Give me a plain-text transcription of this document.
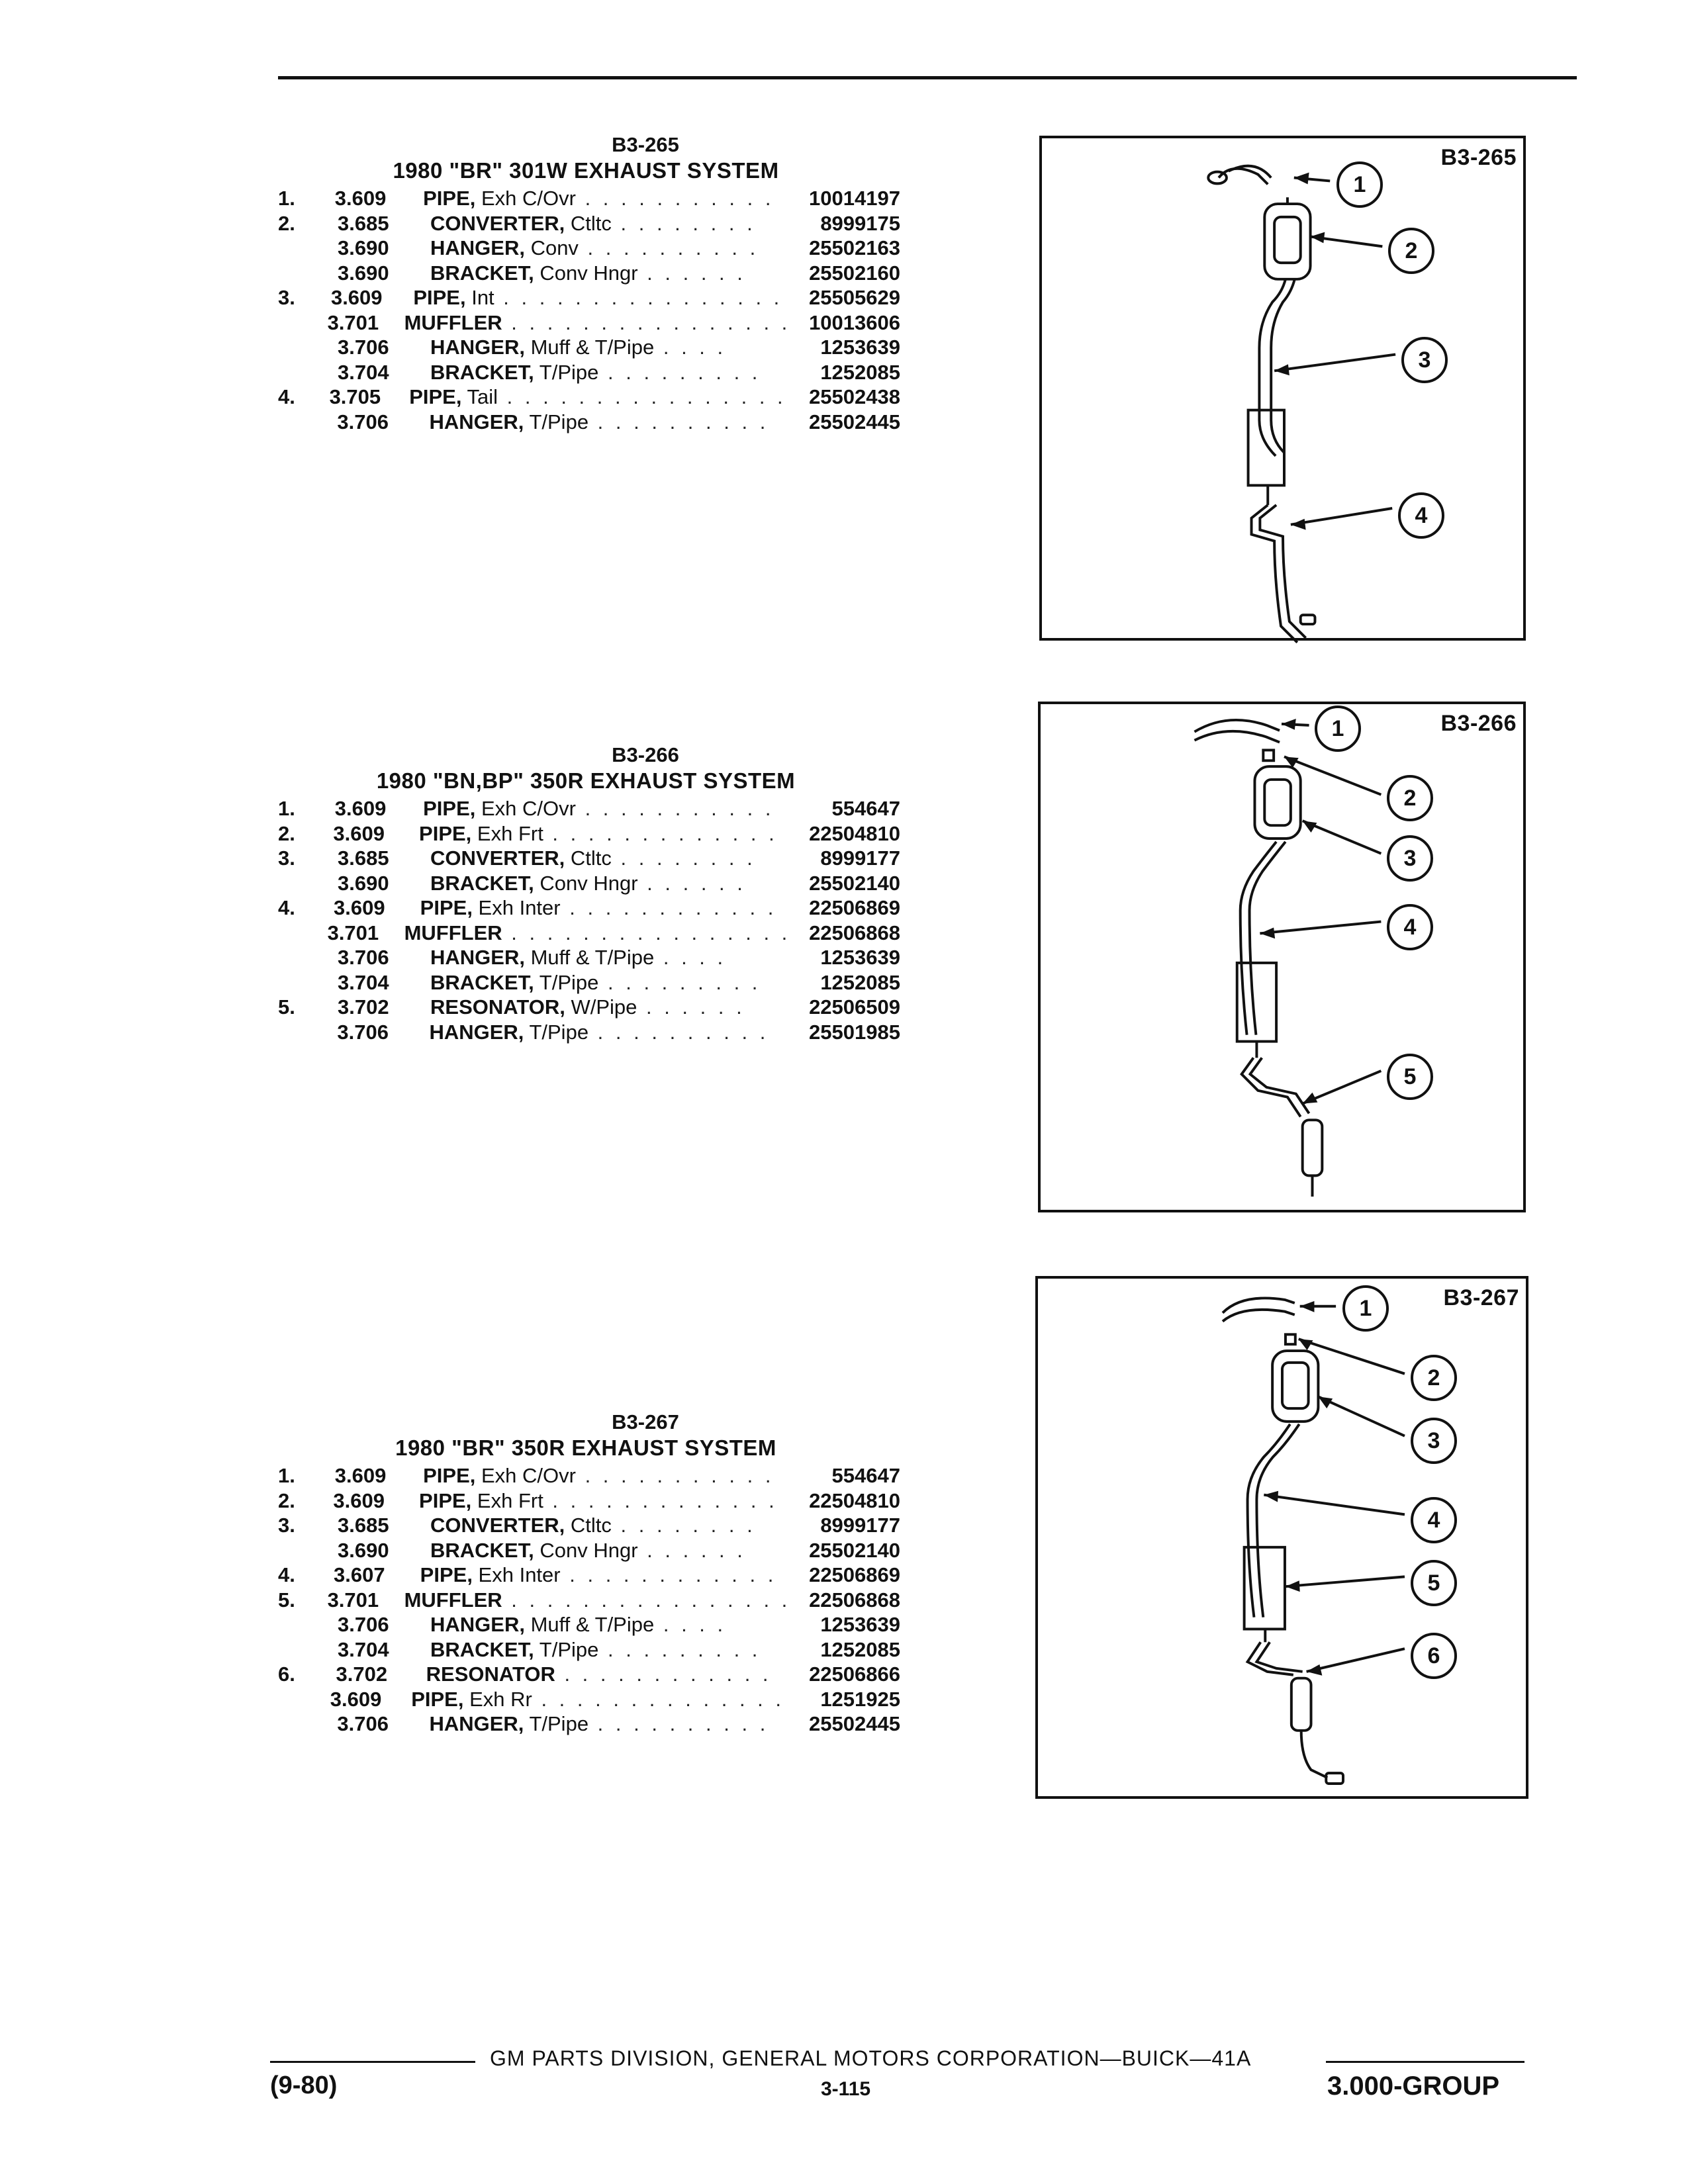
B3-265
1980 "BR" 301W EXHAUST SYSTEM
1.	3.609	PIPE, Exh C/Ovr . . . . . . . . . . .	10014197
2.	3.685	CONVERTER, Ctltc . . . . . . . .	8999175
3.690	HANGER, Conv . . . . . . . . . .	25502163
3.690	BRACKET, Conv Hngr . . . . . .	25502160
3.	3.609	PIPE, Int . . . . . . . . . . . . . . . .	25505629
3.701	MUFFLER . . . . . . . . . . . . . . . . 10013606
3.706	HANGER, Muff & T/Pipe . . . .	1253639
3.704	BRACKET, T/Pipe . . . . . . . . .	1252085
4.	3.705	PIPE, Tail . . . . . . . . . . . . . . . .	25502438
3.706	HANGER, T/Pipe . . . . . . . . . .	25502445
B3-266
1980 "BN,BP" 350R EXHAUST SYSTEM
1.	3.609	PIPE, Exh C/Ovr . . . . . . . . . . .	554647
2.	3.609	PIPE, Exh Frt . . . . . . . . . . . . .	22504810
3.	3.685	CONVERTER, Ctltc . . . . . . . .	8999177
3.690	BRACKET, Conv Hngr . . . . . .	25502140
4.	3.609	PIPE, Exh Inter . . . . . . . . . . . .	22506869
3.701	MUFFLER . . . . . . . . . . . . . . . . 22506868
3.706	HANGER, Muff & T/Pipe . . . .	1253639
3.704	BRACKET, T/Pipe . . . . . . . . .	1252085
5.	3.702	RESONATOR, W/Pipe . . . . . .	22506509
3.706	HANGER, T/Pipe . . . . . . . . . .	25501985
B3-267
1980 "BR" 350R EXHAUST SYSTEM
1.	3.609	PIPE, Exh C/Ovr . . . . . . . . . . .	554647
2.	3.609	PIPE, Exh Frt . . . . . . . . . . . . .	22504810
3.	3.685	CONVERTER, Ctltc . . . . . . . .	8999177
3.690	BRACKET, Conv Hngr . . . . . .	25502140
4.	3.607	PIPE, Exh Inter . . . . . . . . . . . .	22506869
5.	3.701	MUFFLER . . . . . . . . . . . . . . . . 22506868
3.706	HANGER, Muff & T/Pipe . . . .	1253639
3.704	BRACKET, T/Pipe . . . . . . . . .	1252085
6.	3.702	RESONATOR . . . . . . . . . . . .	22506866
3.609	PIPE, Exh Rr . . . . . . . . . . . . . .	1251925
3.706	HANGER, T/Pipe . . . . . . . . . .	25502445
B3-265
1
2
3
4
B3-266
1
2
3
4
5
B3-267
1
2
3
4
5
6
GM PARTS DIVISION, GENERAL MOTORS CORPORATION—BUICK—41A
(9-80)	3-115	3.000-GROUP
